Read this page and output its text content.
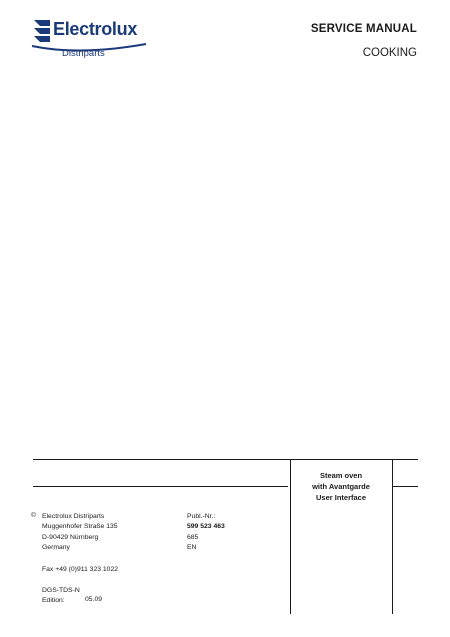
Electrolux
Distriparts
SERVICE MANUAL
COOKING
Steam oven
with Avantgarde
User Interface
© Electrolux Distriparts
Muggenhofer Straße 135
D-90429 Nürnberg
Germany
Publ.-Nr.:
599 523 463
685
EN
Fax +49 (0)911 323 1022
DGS-TDS-N
Edition:	05.09
